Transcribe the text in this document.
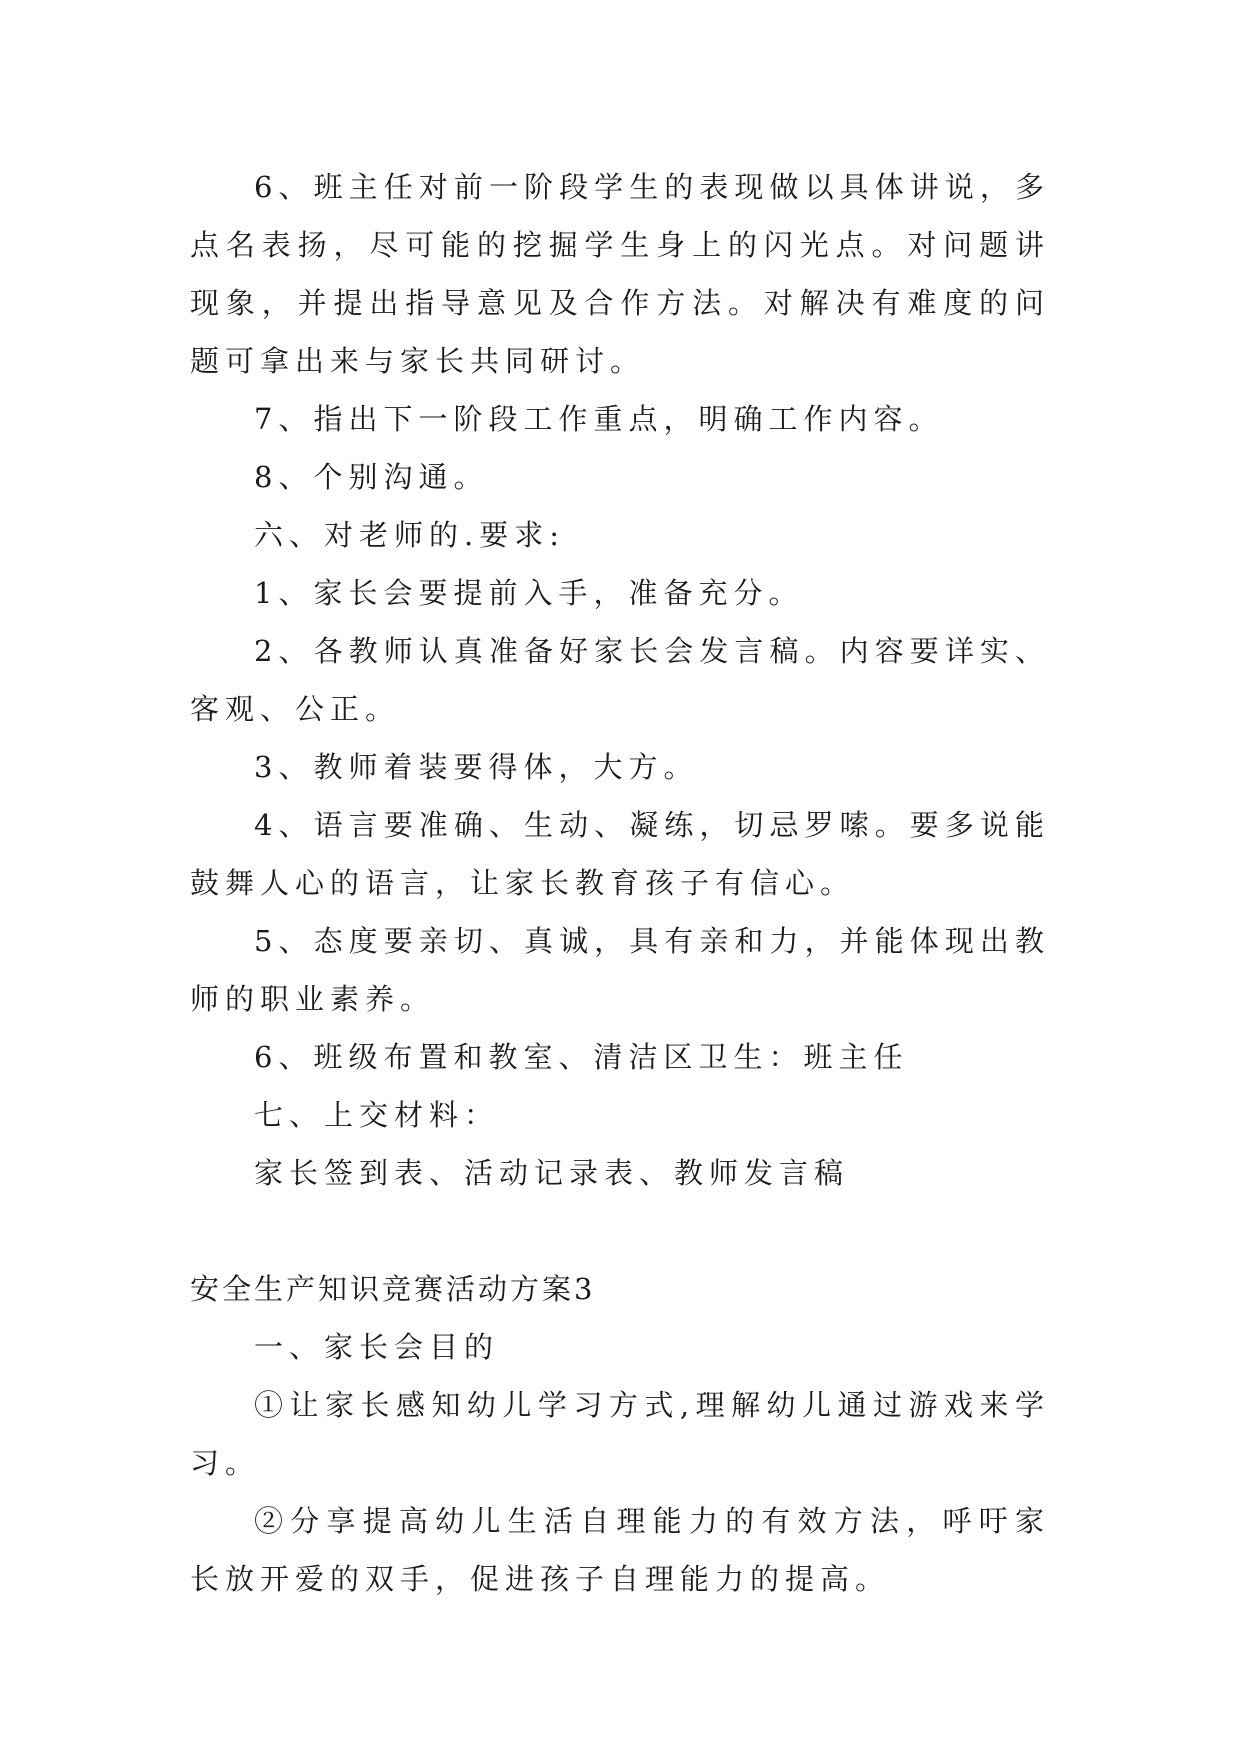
6、班主任对前一阶段学生的表现做以具体讲说，多点名表扬，尽可能的挖掘学生身上的闪光点。对问题讲现象，并提出指导意见及合作方法。对解决有难度的问题可拿出来与家长共同研讨。

7、指出下一阶段工作重点，明确工作内容。

8、个别沟通。

六、对老师的.要求:

1、家长会要提前入手，准备充分。

2、各教师认真准备好家长会发言稿。内容要详实、客观、公正。

3、教师着装要得体，大方。

4、语言要准确、生动、凝练，切忌罗嗦。要多说能鼓舞人心的语言，让家长教育孩子有信心。

5、态度要亲切、真诚，具有亲和力，并能体现出教师的职业素养。

6、班级布置和教室、清洁区卫生：班主任

七、上交材料：

家长签到表、活动记录表、教师发言稿

安全生产知识竞赛活动方案3

一、家长会目的

①让家长感知幼儿学习方式,理解幼儿通过游戏来学习。

②分享提高幼儿生活自理能力的有效方法，呼吁家长放开爱的双手，促进孩子自理能力的提高。
